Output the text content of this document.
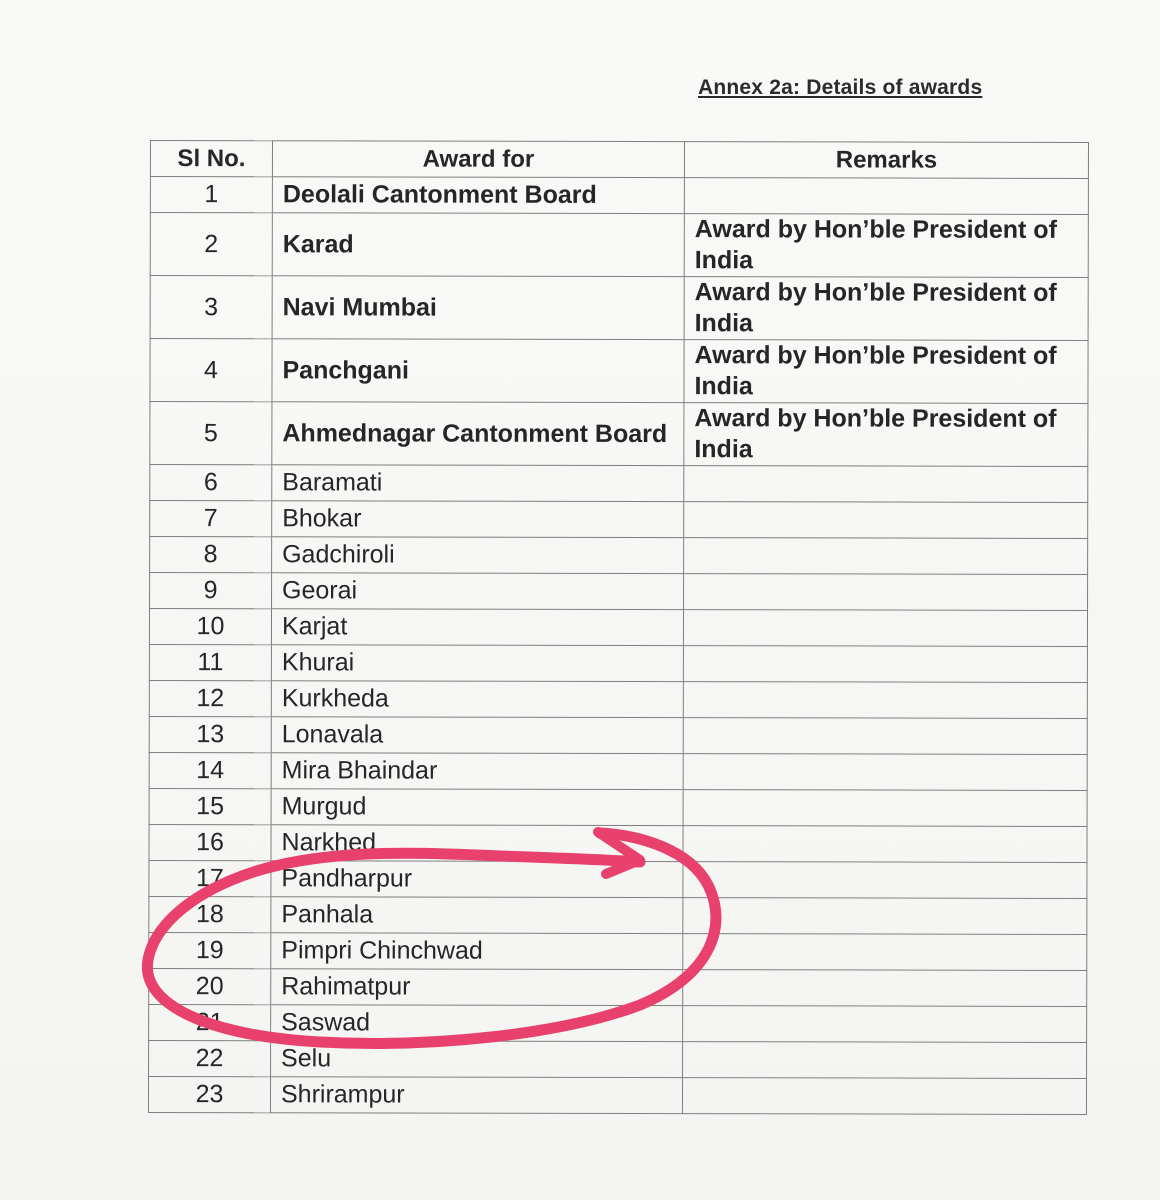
Annex 2a: Details of awards
Sl No.	Award for	Remarks
1	Deolali Cantonment Board	
2	Karad	Award by Hon’ble President of India
3	Navi Mumbai	Award by Hon’ble President of India
4	Panchgani	Award by Hon’ble President of India
5	Ahmednagar Cantonment Board	Award by Hon’ble President of India
6	Baramati	
7	Bhokar	
8	Gadchiroli	
9	Georai	
10	Karjat	
11	Khurai	
12	Kurkheda	
13	Lonavala	
14	Mira Bhaindar	
15	Murgud	
16	Narkhed	
17	Pandharpur	
18	Panhala	
19	Pimpri Chinchwad	
20	Rahimatpur	
21	Saswad	
22	Selu	
23	Shrirampur	
